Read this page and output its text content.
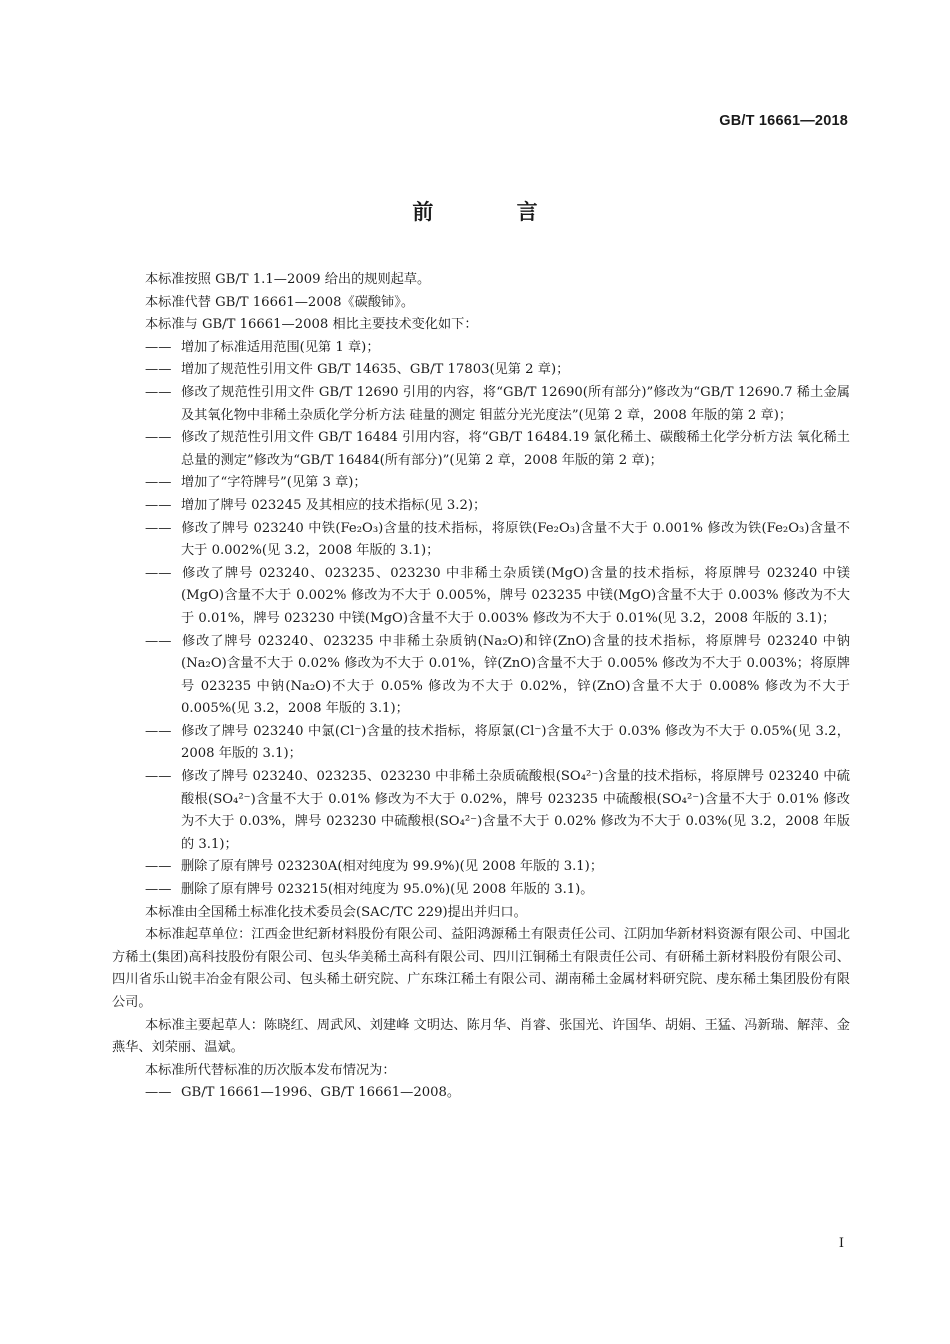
GB/T 16661—2018
前 言

本标准按照 GB/T 1.1—2009 给出的规则起草。

本标准代替 GB/T 16661—2008《碳酸铈》。

本标准与 GB/T 16661—2008 相比主要技术变化如下：

—— 增加了标准适用范围(见第 1 章)；

—— 增加了规范性引用文件 GB/T 14635、GB/T 17803(见第 2 章)；

—— 修改了规范性引用文件 GB/T 12690 引用的内容，将“GB/T 12690(所有部分)”修改为“GB/T 12690.7 稀土金属及其氧化物中非稀土杂质化学分析方法 硅量的测定 钼蓝分光光度法”(见第 2 章，2008 年版的第 2 章)；

—— 修改了规范性引用文件 GB/T 16484 引用内容，将“GB/T 16484.19 氯化稀土、碳酸稀土化学分析方法 氧化稀土总量的测定”修改为“GB/T 16484(所有部分)”(见第 2 章，2008 年版的第 2 章)；

—— 增加了“字符牌号”(见第 3 章)；

—— 增加了牌号 023245 及其相应的技术指标(见 3.2)；

—— 修改了牌号 023240 中铁(Fe₂O₃)含量的技术指标，将原铁(Fe₂O₃)含量不大于 0.001% 修改为铁(Fe₂O₃)含量不大于 0.002%(见 3.2，2008 年版的 3.1)；

—— 修改了牌号 023240、023235、023230 中非稀土杂质镁(MgO)含量的技术指标，将原牌号 023240 中镁(MgO)含量不大于 0.002% 修改为不大于 0.005%，牌号 023235 中镁(MgO)含量不大于 0.003% 修改为不大于 0.01%，牌号 023230 中镁(MgO)含量不大于 0.003% 修改为不大于 0.01%(见 3.2，2008 年版的 3.1)；

—— 修改了牌号 023240、023235 中非稀土杂质钠(Na₂O)和锌(ZnO)含量的技术指标，将原牌号 023240 中钠(Na₂O)含量不大于 0.02% 修改为不大于 0.01%，锌(ZnO)含量不大于 0.005% 修改为不大于 0.003%；将原牌号 023235 中钠(Na₂O)不大于 0.05% 修改为不大于 0.02%，锌(ZnO)含量不大于 0.008% 修改为不大于 0.005%(见 3.2，2008 年版的 3.1)；

—— 修改了牌号 023240 中氯(Cl⁻)含量的技术指标，将原氯(Cl⁻)含量不大于 0.03% 修改为不大于 0.05%(见 3.2，2008 年版的 3.1)；

—— 修改了牌号 023240、023235、023230 中非稀土杂质硫酸根(SO₄²⁻)含量的技术指标，将原牌号 023240 中硫酸根(SO₄²⁻)含量不大于 0.01% 修改为不大于 0.02%，牌号 023235 中硫酸根(SO₄²⁻)含量不大于 0.01% 修改为不大于 0.03%，牌号 023230 中硫酸根(SO₄²⁻)含量不大于 0.02% 修改为不大于 0.03%(见 3.2，2008 年版的 3.1)；

—— 删除了原有牌号 023230A(相对纯度为 99.9%)(见 2008 年版的 3.1)；

—— 删除了原有牌号 023215(相对纯度为 95.0%)(见 2008 年版的 3.1)。

本标准由全国稀土标准化技术委员会(SAC/TC 229)提出并归口。

本标准起草单位：江西金世纪新材料股份有限公司、益阳鸿源稀土有限责任公司、江阴加华新材料资源有限公司、中国北方稀土(集团)高科技股份有限公司、包头华美稀土高科有限公司、四川江铜稀土有限责任公司、有研稀土新材料股份有限公司、四川省乐山锐丰冶金有限公司、包头稀土研究院、广东珠江稀土有限公司、湖南稀土金属材料研究院、虔东稀土集团股份有限公司。

本标准主要起草人：陈晓红、周武风、刘建峰 文明达、陈月华、肖睿、张国光、许国华、胡娟、王猛、冯新瑞、解萍、金燕华、刘荣丽、温斌。

本标准所代替标准的历次版本发布情况为：

—— GB/T 16661—1996、GB/T 16661—2008。

I
